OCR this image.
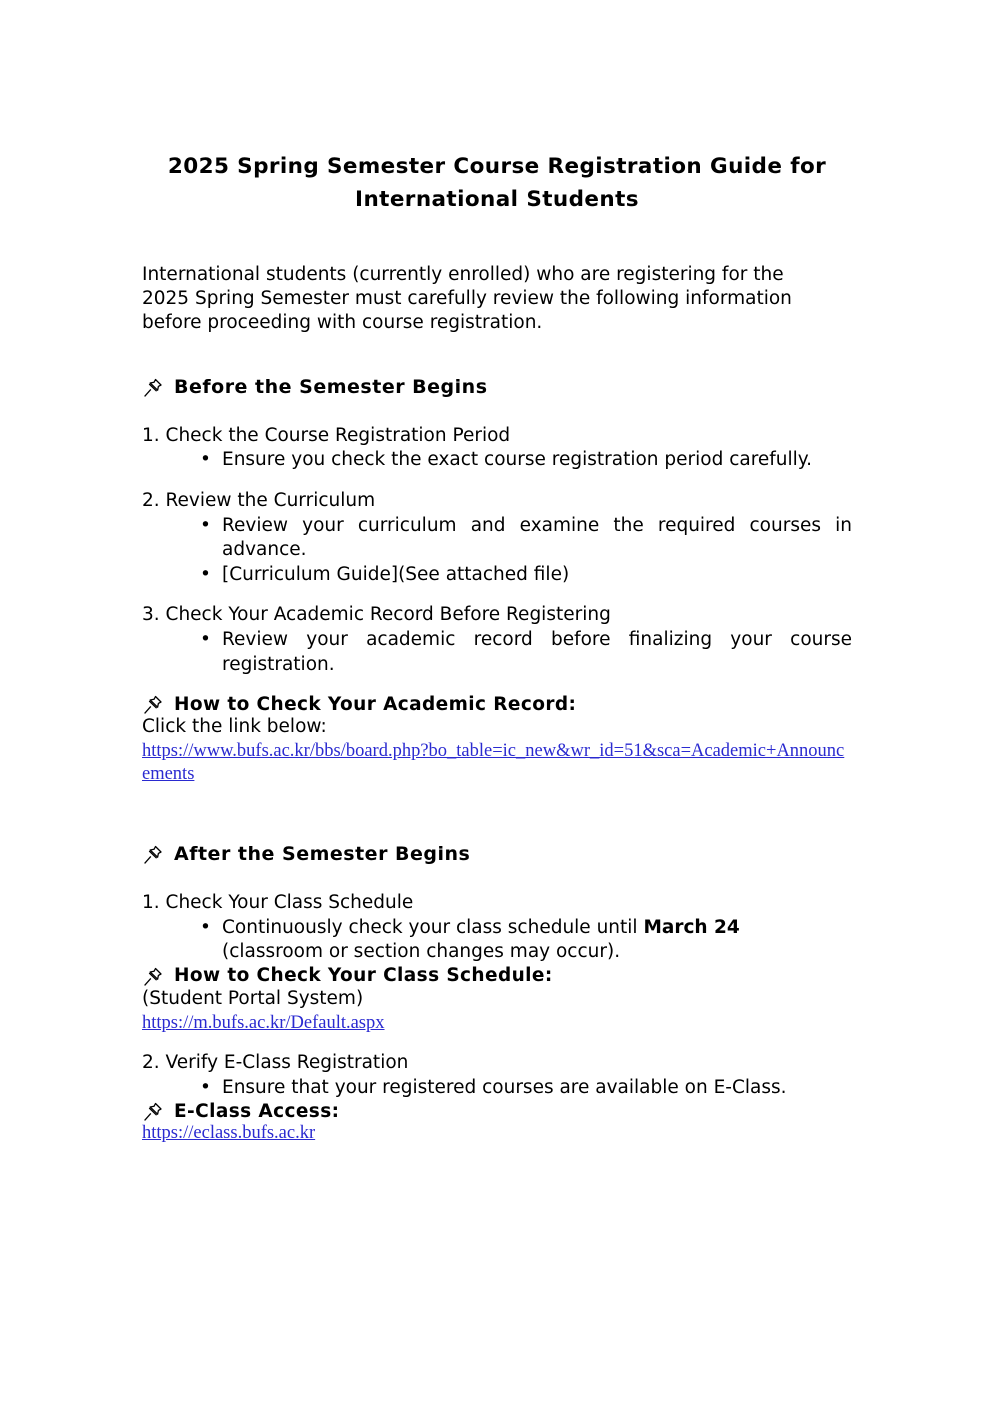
2025 Spring Semester Course Registration Guide for
International Students
International students (currently enrolled) who are registering for the
2025 Spring Semester must carefully review the following information
before proceeding with course registration.
Before the Semester Begins
1. Check the Course Registration Period
• Ensure you check the exact course registration period carefully.
2. Review the Curriculum
• Review your curriculum and examine the required courses in advance.
• [Curriculum Guide](See attached file)
3. Check Your Academic Record Before Registering
• Review your academic record before finalizing your course registration.
How to Check Your Academic Record:
Click the link below:
https://www.bufs.ac.kr/bbs/board.php?bo_table=ic_new&wr_id=51&sca=Academic+Announcements
After the Semester Begins
1. Check Your Class Schedule
• Continuously check your class schedule until March 24
(classroom or section changes may occur).
How to Check Your Class Schedule:
(Student Portal System)
https://m.bufs.ac.kr/Default.aspx
2. Verify E-Class Registration
• Ensure that your registered courses are available on E-Class.
E-Class Access:
https://eclass.bufs.ac.kr
